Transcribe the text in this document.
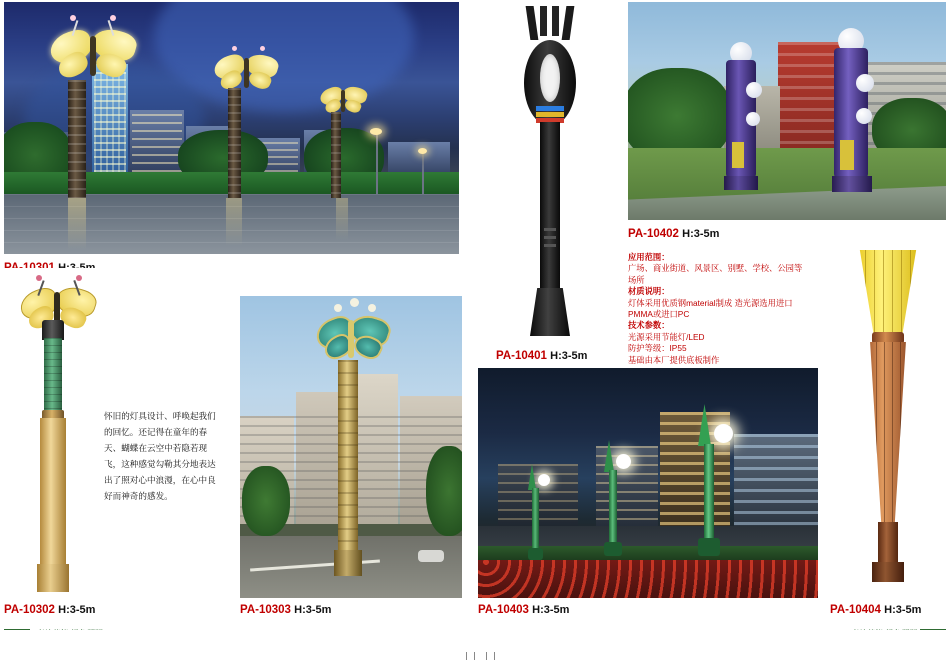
PA-10302 H:3-5m
怀旧的灯具设计、呼唤起我们的回忆。还记得在童年的春天、蝴蝶在云空中若隐若现飞，这种感觉勾勒其分地表达出了照对心中浪漫，在心中良好而神奇的感发。
PA-10303 H:3-5m
PA-10401 H:3-5m
PA-10402 H:3-5m
应用范围：
广场、商业街道、风景区、别墅、学校、公园等场所
材质说明：
灯体采用优质钢material制成 造光源选用进口PMMA或进口PC
技术参数：
光源采用节能灯/LED
防护等级：IP55
基础由本厂提供底板制作
PA-10403 H:3-5m	PA-10404 H:3-5m
